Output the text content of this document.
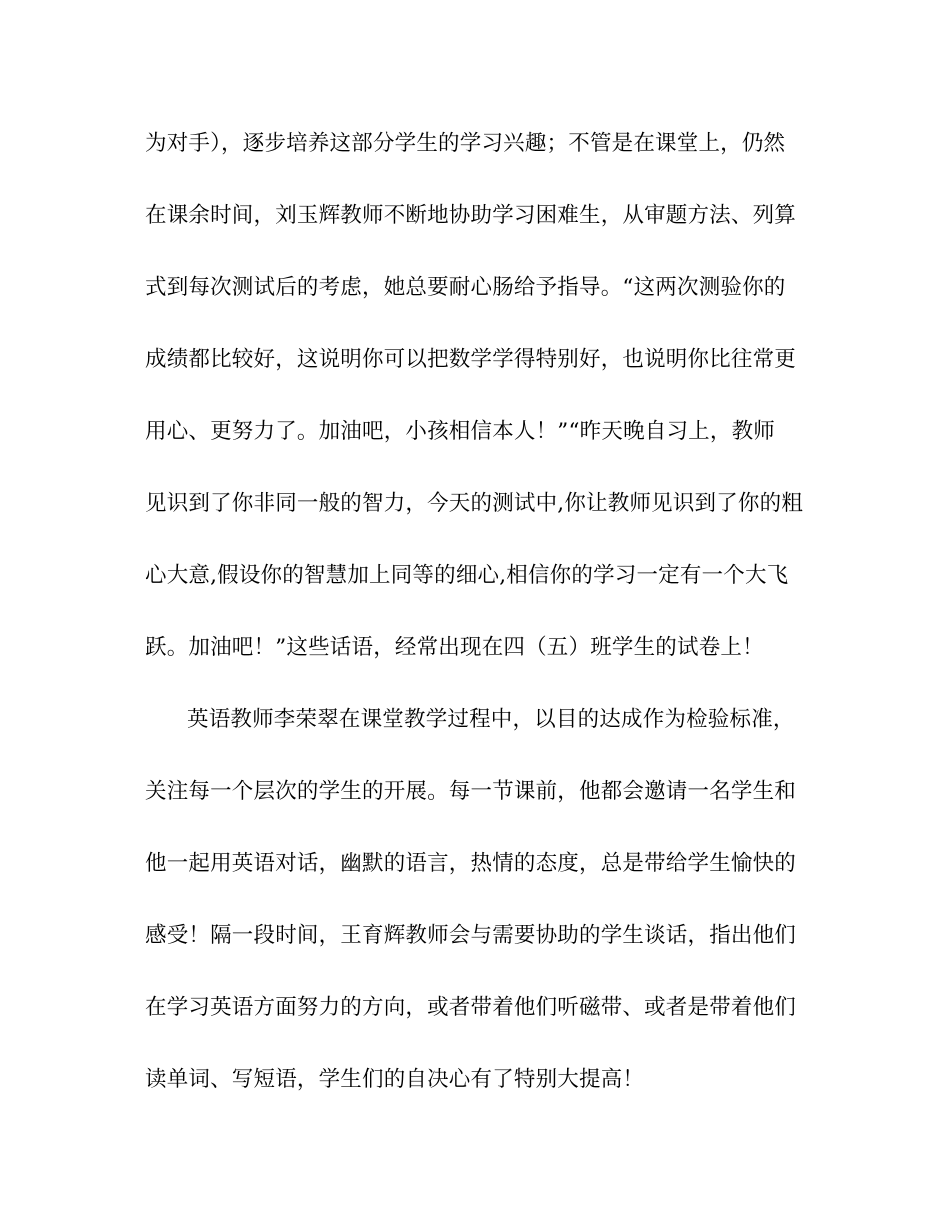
为对手），逐步培养这部分学生的学习兴趣；不管是在课堂上，仍然
在课余时间，刘玉辉教师不断地协助学习困难生，从审题方法、列算
式到每次测试后的考虑，她总要耐心肠给予指导。“这两次测验你的
成绩都比较好，这说明你可以把数学学得特别好，也说明你比往常更
用心、更努力了。加油吧，小孩相信本人！”“昨天晚自习上，教师
见识到了你非同一般的智力，今天的测试中,你让教师见识到了你的粗
心大意,假设你的智慧加上同等的细心,相信你的学习一定有一个大飞
跃。加油吧！”这些话语，经常出现在四（五）班学生的试卷上！
英语教师李荣翠在课堂教学过程中，以目的达成作为检验标准，
关注每一个层次的学生的开展。每一节课前，他都会邀请一名学生和
他一起用英语对话，幽默的语言，热情的态度，总是带给学生愉快的
感受！隔一段时间，王育辉教师会与需要协助的学生谈话，指出他们
在学习英语方面努力的方向，或者带着他们听磁带、或者是带着他们
读单词、写短语，学生们的自决心有了特别大提高！
